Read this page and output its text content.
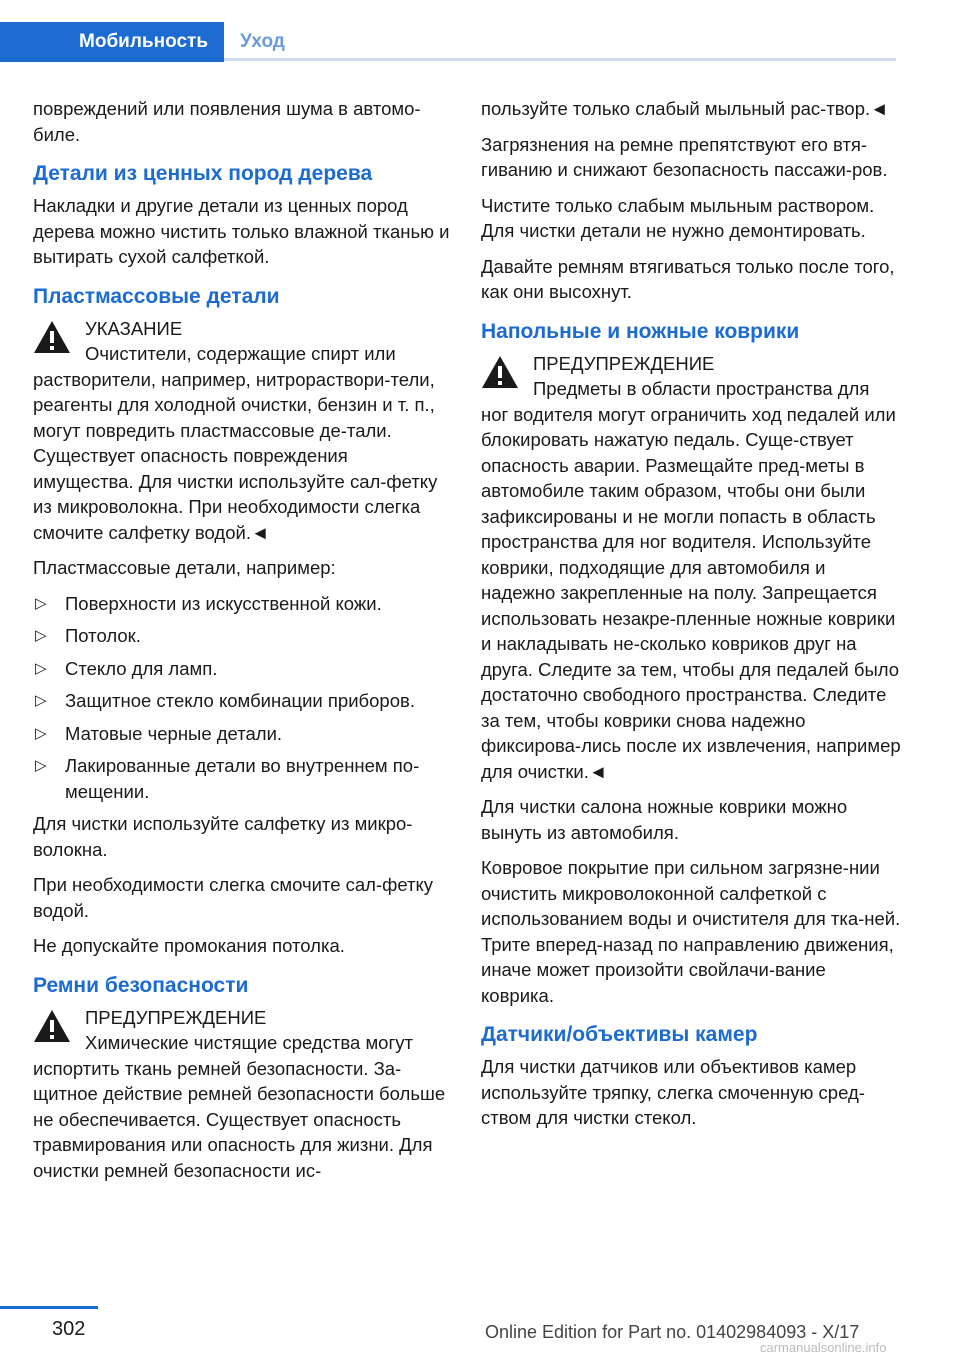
Мобильность	Уход

повреждений или появления шума в автомо-биле.

Детали из ценных пород дерева

Накладки и другие детали из ценных пород дерева можно чистить только влажной тканью и вытирать сухой салфеткой.

Пластмассовые детали
УКАЗАНИЕ
Очистители, содержащие спирт или растворители, например, нитрораствори-тели, реагенты для холодной очистки, бензин и т. п., могут повредить пластмассовые де-тали. Существует опасность повреждения имущества. Для чистки используйте сал-фетку из микроволокна. При необходимости слегка смочите салфетку водой.◄

Пластмассовые детали, например:

▷ Поверхности из искусственной кожи.
▷ Потолок.
▷ Стекло для ламп.
▷ Защитное стекло комбинации приборов.
▷ Матовые черные детали.
▷ Лакированные детали во внутреннем по-мещении.

Для чистки используйте салфетку из микро-волокна.

При необходимости слегка смочите сал-фетку водой.

Не допускайте промокания потолка.

Ремни безопасности
ПРЕДУПРЕЖДЕНИЕ
Химические чистящие средства могут испортить ткань ремней безопасности. За-щитное действие ремней безопасности больше не обеспечивается. Существует опасность травмирования или опасность для жизни. Для очистки ремней безопасности ис-

пользуйте только слабый мыльный рас-твор.◄

Загрязнения на ремне препятствуют его втя-гиванию и снижают безопасность пассажи-ров.

Чистите только слабым мыльным раствором. Для чистки детали не нужно демонтировать.

Давайте ремням втягиваться только после того, как они высохнут.

Напольные и ножные коврики
ПРЕДУПРЕЖДЕНИЕ
Предметы в области пространства для ног водителя могут ограничить ход педалей или блокировать нажатую педаль. Суще-ствует опасность аварии. Размещайте пред-меты в автомобиле таким образом, чтобы они были зафиксированы и не могли попасть в область пространства для ног водителя. Используйте коврики, подходящие для автомобиля и надежно закрепленные на полу. Запрещается использовать незакре-пленные ножные коврики и накладывать не-сколько ковриков друг на друга. Следите за тем, чтобы для педалей было достаточно свободного пространства. Следите за тем, чтобы коврики снова надежно фиксирова-лись после их извлечения, например для очистки.◄

Для чистки салона ножные коврики можно вынуть из автомобиля.

Ковровое покрытие при сильном загрязне-нии очистить микроволоконной салфеткой с использованием воды и очистителя для тка-ней. Трите вперед-назад по направлению движения, иначе может произойти свойлачи-вание коврика.

Датчики/объективы камер

Для чистки датчиков или объективов камер используйте тряпку, слегка смоченную сред-ством для чистки стекол.

302	Online Edition for Part no. 01402984093 - X/17
carmanualsonline.info
